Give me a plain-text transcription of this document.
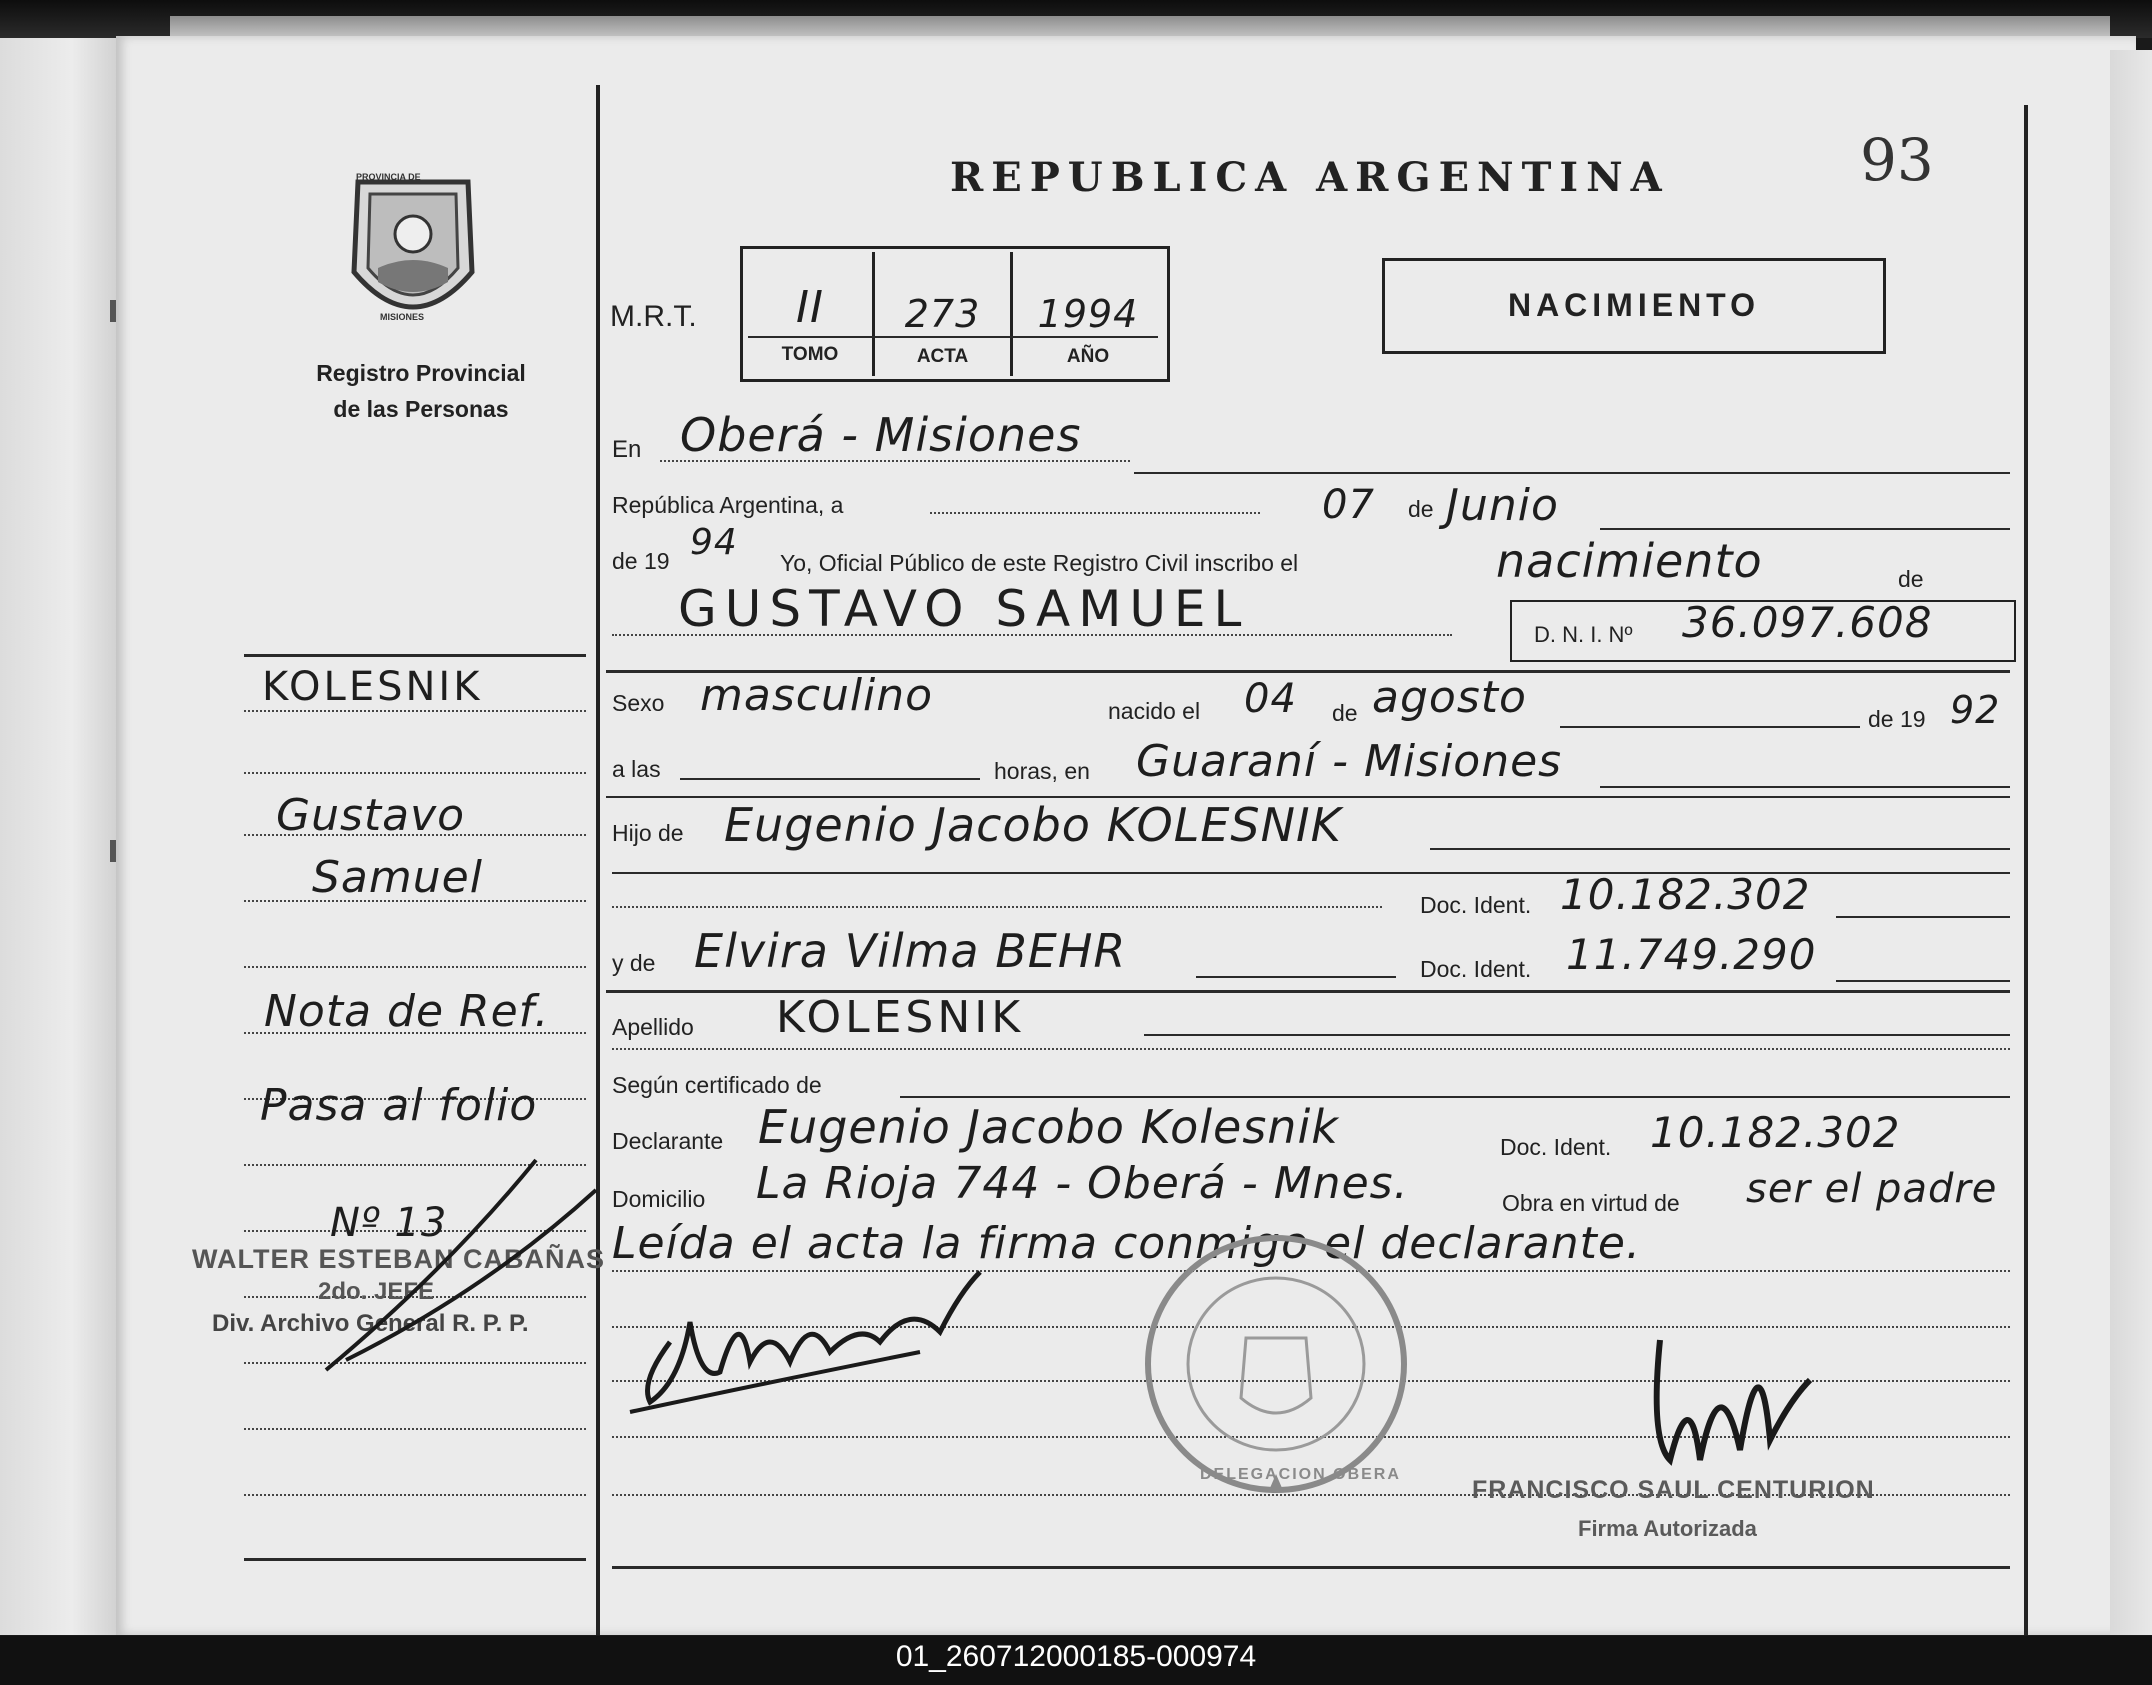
PROVINCIA DE
MISIONES
Registro Provincial
de las Personas
REPUBLICA ARGENTINA	93
NACIMIENTO
M.R.T.	II	273	1994
TOMO	ACTA	AÑO
En Oberá - Misiones
República Argentina, a	07 de Junio
de 19 94 Yo, Oficial Público de este Registro Civil inscribo el	nacimiento	de
GUSTAVO SAMUEL	D. N. I. Nº 36.097.608
Sexo masculino	nacido el 04 de agosto	de 19 92
a las	horas, en Guaraní - Misiones
Hijo de Eugenio Jacobo KOLESNIK
Doc. Ident. 10.182.302
y de Elvira Vilma BEHR	Doc. Ident. 11.749.290
Apellido KOLESNIK
Según certificado de
Declarante Eugenio Jacobo Kolesnik	Doc. Ident. 10.182.302
Domicilio La Rioja 744 - Oberá - Mnes.	Obra en virtud de ser el padre
Leída el acta la firma conmigo el declarante.
FRANCISCO SAUL CENTURION
Firma Autorizada
DELEGACION OBERA
KOLESNIK
Gustavo
Samuel
Nota de Ref.
Pasa al folio
Nº 13
WALTER ESTEBAN CABAÑAS
2do. JEFE
Div. Archivo General R. P. P.
01_260712000185-000974
